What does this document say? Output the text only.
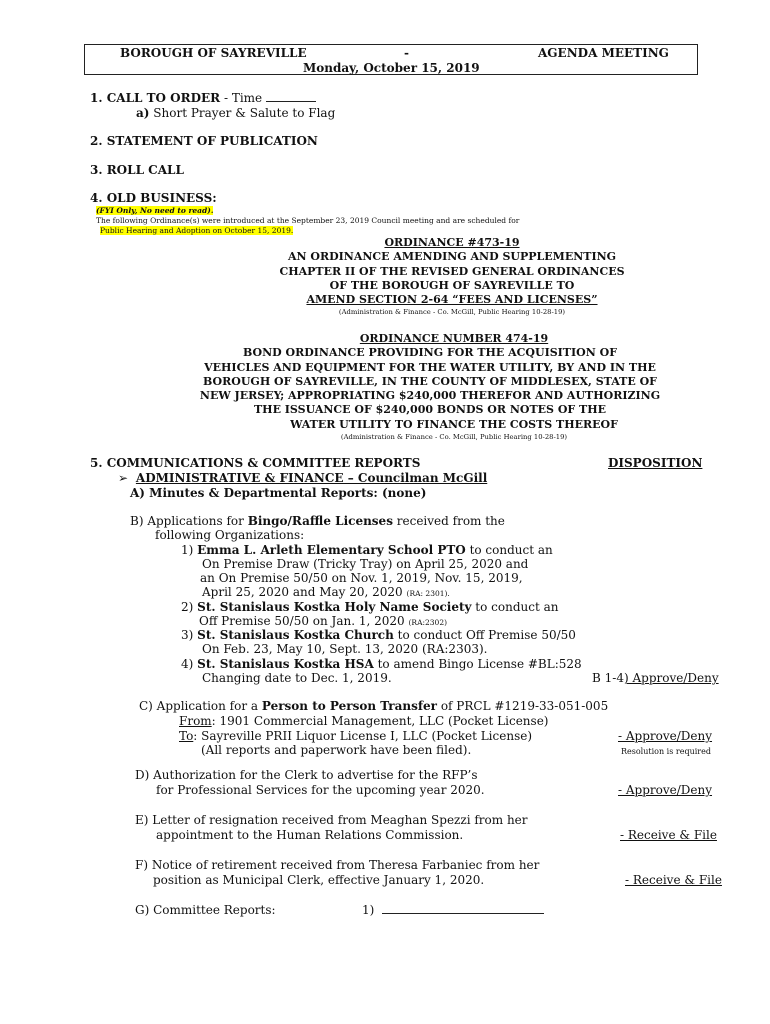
BOROUGH OF SAYREVILLE	-	AGENDA MEETING
Monday, October 15, 2019
1. CALL TO ORDER - Time
a) Short Prayer & Salute to Flag
2. STATEMENT OF PUBLICATION
3. ROLL CALL
4. OLD BUSINESS:
(FYI Only, No need to read).
The following Ordinance(s) were introduced at the September 23, 2019 Council meeting and are scheduled for
Public Hearing and Adoption on October 15, 2019.
ORDINANCE #473-19
AN ORDINANCE AMENDING AND SUPPLEMENTING
CHAPTER II OF THE REVISED GENERAL ORDINANCES
OF THE BOROUGH OF SAYREVILLE TO
AMEND SECTION 2-64 “FEES AND LICENSES”
(Administration & Finance - Co. McGill, Public Hearing 10-28-19)
ORDINANCE NUMBER 474-19
BOND ORDINANCE PROVIDING FOR THE ACQUISITION OF
VEHICLES AND EQUIPMENT FOR THE WATER UTILITY, BY AND IN THE
BOROUGH OF SAYREVILLE, IN THE COUNTY OF MIDDLESEX, STATE OF
NEW JERSEY; APPROPRIATING $240,000 THEREFOR AND AUTHORIZING
THE ISSUANCE OF $240,000 BONDS OR NOTES OF THE
WATER UTILITY TO FINANCE THE COSTS THEREOF
(Administration & Finance - Co. McGill, Public Hearing 10-28-19)
5. COMMUNICATIONS & COMMITTEE REPORTS	DISPOSITION
➢ ADMINISTRATIVE & FINANCE – Councilman McGill
A) Minutes & Departmental Reports: (none)
B) Applications for Bingo/Raffle Licenses received from the
following Organizations:
1) Emma L. Arleth Elementary School PTO to conduct an
On Premise Draw (Tricky Tray) on April 25, 2020 and
an On Premise 50/50 on Nov. 1, 2019, Nov. 15, 2019,
April 25, 2020 and May 20, 2020 (RA: 2301).
2) St. Stanislaus Kostka Holy Name Society to conduct an
Off Premise 50/50 on Jan. 1, 2020 (RA:2302)
3) St. Stanislaus Kostka Church to conduct Off Premise 50/50
On Feb. 23, May 10, Sept. 13, 2020 (RA:2303).
4) St. Stanislaus Kostka HSA to amend Bingo License #BL:528
Changing date to Dec. 1, 2019.	B 1-4) Approve/Deny
C) Application for a Person to Person Transfer of PRCL #1219-33-051-005
From: 1901 Commercial Management, LLC (Pocket License)
To: Sayreville PRII Liquor License I, LLC (Pocket License)	- Approve/Deny
(All reports and paperwork have been filed).	Resolution is required
D) Authorization for the Clerk to advertise for the RFP’s
for Professional Services for the upcoming year 2020.	- Approve/Deny
E) Letter of resignation received from Meaghan Spezzi from her
appointment to the Human Relations Commission.	- Receive & File
F) Notice of retirement received from Theresa Farbaniec from her
position as Municipal Clerk, effective January 1, 2020.	- Receive & File
G) Committee Reports:	1)
